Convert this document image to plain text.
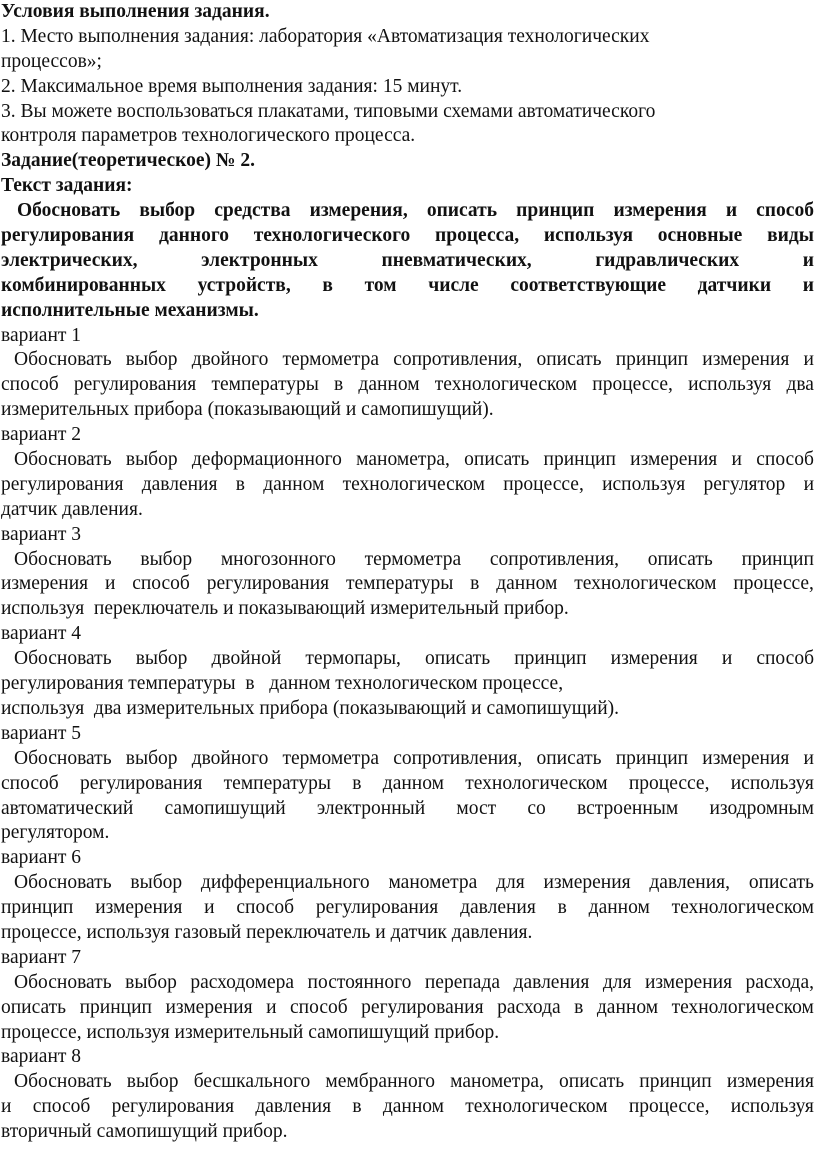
Условия выполнения задания.
1. Место выполнения задания: лаборатория «Автоматизация технологических
процессов»;
2. Максимальное время выполнения задания: 15 минут.
3. Вы можете воспользоваться плакатами, типовыми схемами автоматического
контроля параметров технологического процесса.
Задание(теоретическое) № 2.
Текст задания:
Обосновать выбор средства измерения, описать принцип измерения и способ
регулирования данного технологического процесса, используя основные виды
электрических,	электронных	пневматических,	гидравлических	и
комбинированных устройств, в том числе соответствующие датчики и
исполнительные механизмы.
вариант 1
Обосновать выбор двойного термометра сопротивления, описать принцип измерения и
способ регулирования температуры в данном технологическом процессе, используя два
измерительных прибора (показывающий и самопишущий).
вариант 2
Обосновать выбор деформационного манометра, описать принцип измерения и способ
регулирования давления в данном технологическом процессе, используя регулятор и
датчик давления.
вариант 3
Обосновать выбор многозонного термометра сопротивления, описать принцип
измерения и способ регулирования температуры в данном технологическом процессе,
используя  переключатель и показывающий измерительный прибор.
вариант 4
Обосновать выбор двойной термопары, описать принцип измерения и способ
регулирования температуры  в   данном технологическом процессе,
используя  два измерительных прибора (показывающий и самопишущий).
вариант 5
Обосновать выбор двойного термометра сопротивления, описать принцип измерения и
способ регулирования температуры в данном технологическом процессе, используя
автоматический самопишущий электронный мост со встроенным изодромным
регулятором.
вариант 6
Обосновать выбор дифференциального манометра для измерения давления, описать
принцип измерения и способ регулирования давления в данном технологическом
процессе, используя газовый переключатель и датчик давления.
вариант 7
Обосновать выбор расходомера постоянного перепада давления для измерения расхода,
описать принцип измерения и способ регулирования расхода в данном технологическом
процессе, используя измерительный самопишущий прибор.
вариант 8
Обосновать выбор бесшкального мембранного манометра, описать принцип измерения
и способ регулирования давления в данном технологическом процессе, используя
вторичный самопишущий прибор.
